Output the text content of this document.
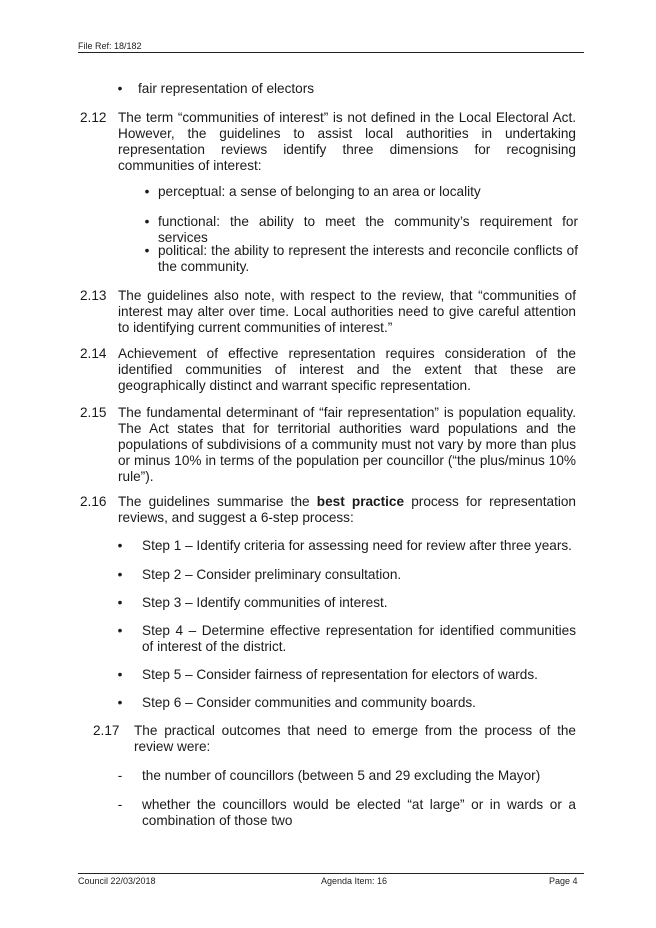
File Ref: 18/182
• fair representation of electors
2.12 The term “communities of interest” is not defined in the Local Electoral Act. However, the guidelines to assist local authorities in undertaking representation reviews identify three dimensions for recognising communities of interest:
• perceptual: a sense of belonging to an area or locality
• functional: the ability to meet the community’s requirement for services
• political: the ability to represent the interests and reconcile conflicts of the community.
2.13 The guidelines also note, with respect to the review, that “communities of interest may alter over time. Local authorities need to give careful attention to identifying current communities of interest.”
2.14 Achievement of effective representation requires consideration of the identified communities of interest and the extent that these are geographically distinct and warrant specific representation.
2.15 The fundamental determinant of “fair representation” is population equality. The Act states that for territorial authorities ward populations and the populations of subdivisions of a community must not vary by more than plus or minus 10% in terms of the population per councillor (“the plus/minus 10% rule”).
2.16 The guidelines summarise the best practice process for representation reviews, and suggest a 6-step process:
• Step 1 – Identify criteria for assessing need for review after three years.
• Step 2 – Consider preliminary consultation.
• Step 3 – Identify communities of interest.
• Step 4 – Determine effective representation for identified communities of interest of the district.
• Step 5 – Consider fairness of representation for electors of wards.
• Step 6 – Consider communities and community boards.
2.17 The practical outcomes that need to emerge from the process of the review were:
- the number of councillors (between 5 and 29 excluding the Mayor)
- whether the councillors would be elected “at large” or in wards or a combination of those two
Council 22/03/2018	Agenda Item: 16	Page 4
